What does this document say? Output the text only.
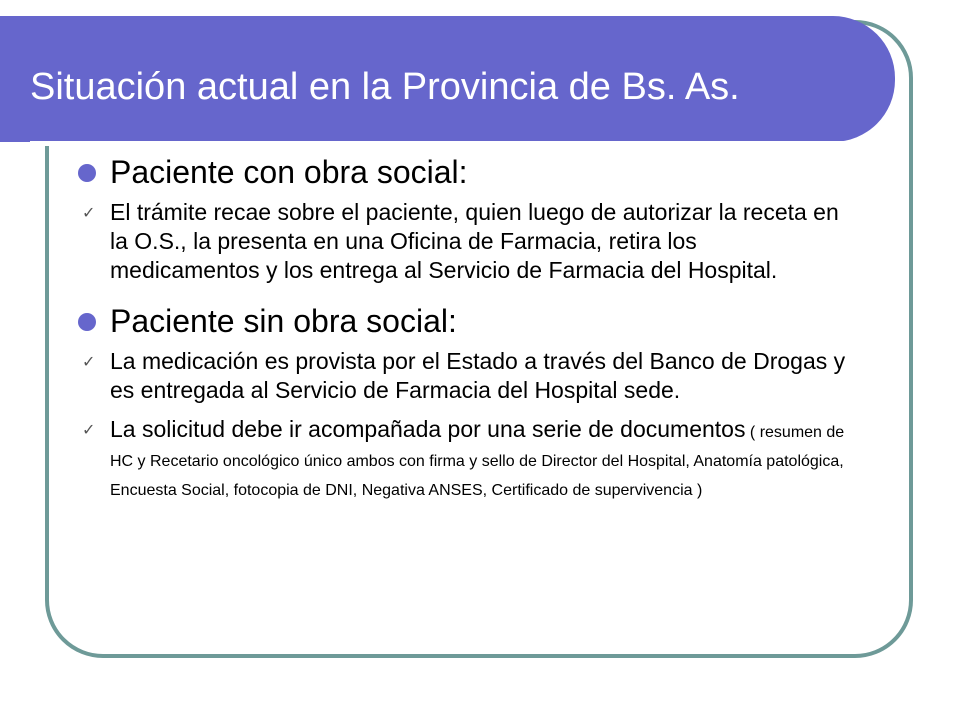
Situación actual en la Provincia de Bs. As.
Paciente con obra social:
✓ El trámite recae sobre el paciente, quien luego de autorizar la receta en la O.S., la presenta en una Oficina de Farmacia, retira los medicamentos y los entrega al Servicio de Farmacia del Hospital.
Paciente sin obra social:
✓ La medicación es provista por el Estado a través del Banco de Drogas y es entregada al Servicio de Farmacia del Hospital sede.
✓ La solicitud debe ir acompañada por una serie de documentos ( resumen de HC y Recetario oncológico único ambos con firma y sello de Director del Hospital, Anatomía patológica, Encuesta Social, fotocopia de DNI, Negativa ANSES, Certificado de supervivencia )
